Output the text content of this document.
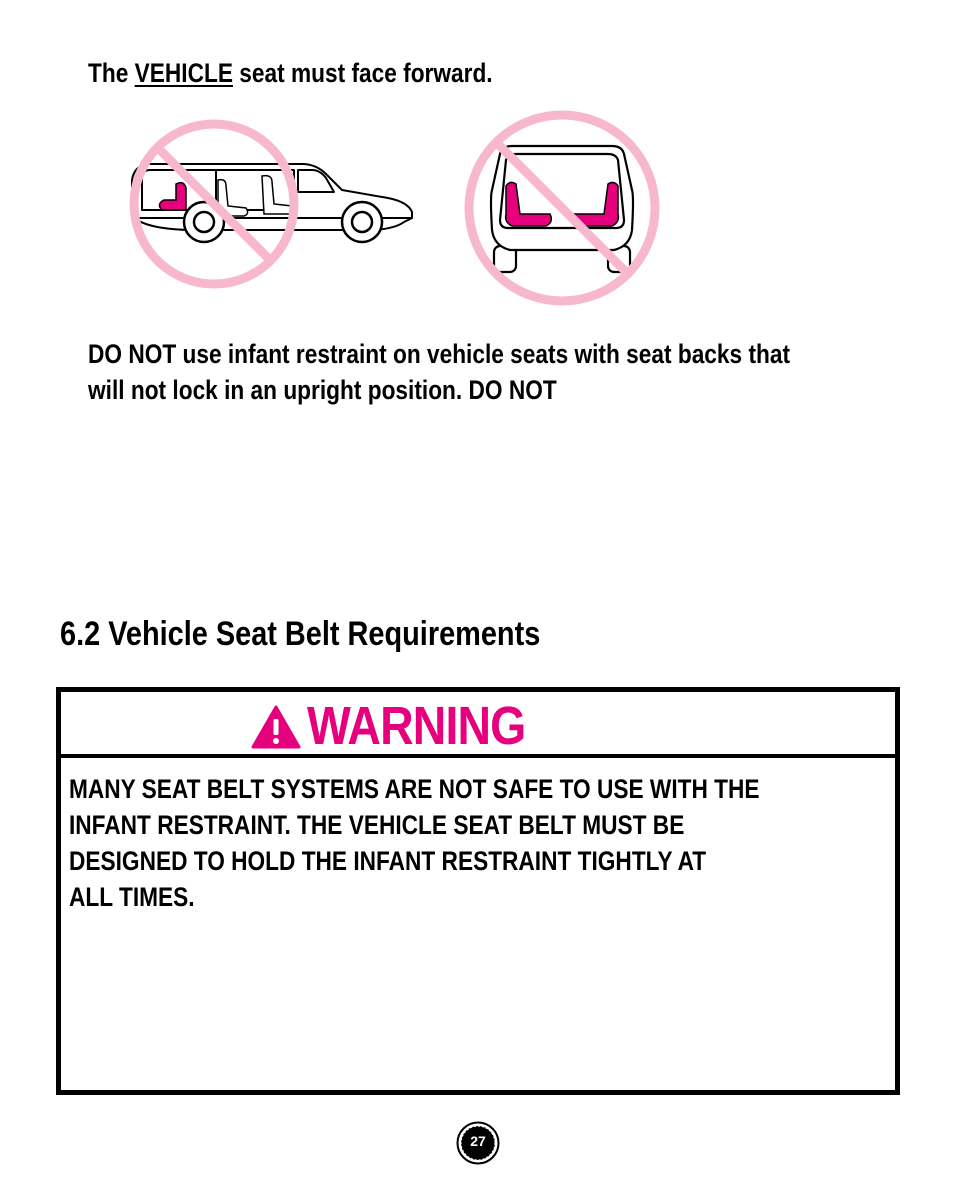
The VEHICLE seat must face forward.
DO NOT use infant restraint on vehicle seats with seat backs that
will not lock in an upright position. DO NOT
6.2 Vehicle Seat Belt Requirements
WARNING
MANY SEAT BELT SYSTEMS ARE NOT SAFE TO USE WITH THE
INFANT RESTRAINT. THE VEHICLE SEAT BELT MUST BE
DESIGNED TO HOLD THE INFANT RESTRAINT TIGHTLY AT
ALL TIMES.
27
